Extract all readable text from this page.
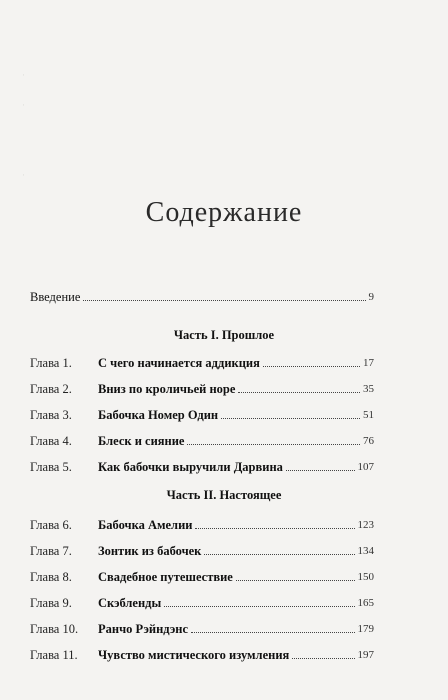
·
·
·
Содержание
Введение	9
Часть I. Прошлое
Глава 1.	С чего начинается аддикция	17
Глава 2.	Вниз по кроличьей норе	35
Глава 3.	Бабочка Номер Один	51
Глава 4.	Блеск и сияние	76
Глава 5.	Как бабочки выручили Дарвина	107
Часть II. Настоящее
Глава 6.	Бабочка Амелии	123
Глава 7.	Зонтик из бабочек	134
Глава 8.	Свадебное путешествие	150
Глава 9.	Скэбленды	165
Глава 10.	Ранчо Рэйндэнс	179
Глава 11.	Чувство мистического изумления	197
